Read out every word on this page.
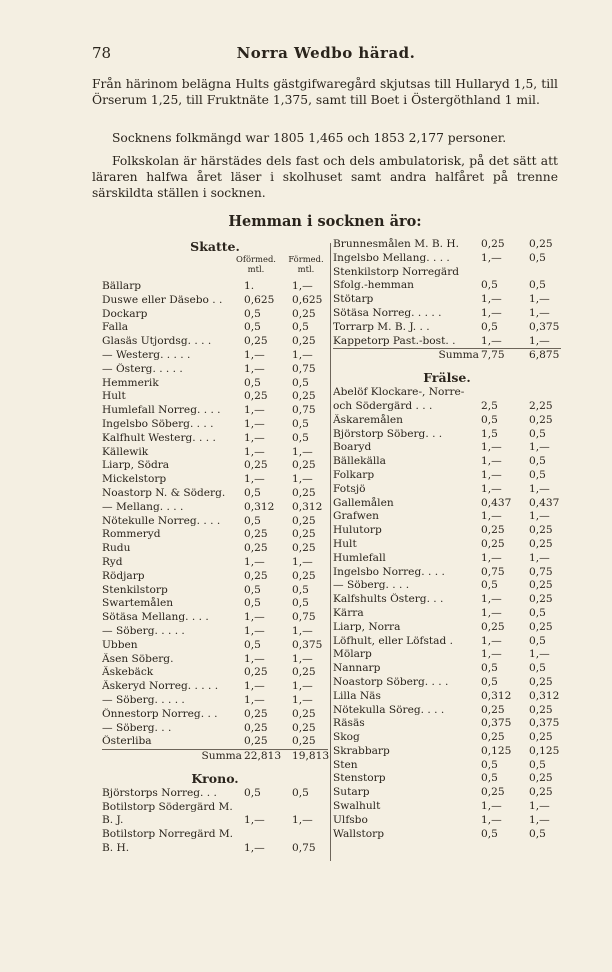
78	Norra Wedbo härad.
Från härinom belägna Hults gästgifwaregård skjutsas till Hullaryd 1,5, till Örserum 1,25, till Fruktnäte 1,375, samt till Boet i Östergöthland 1 mil.
Socknens folkmängd war 1805 1,465 och 1853 2,177 personer.
Folkskolan är härstädes dels fast och dels ambulatorisk, på det sätt att läraren halfwa året läser i skolhuset samt andra halfåret på trenne särskildta ställen i socknen.
Hemman i socknen äro:
Skatte.
Oförmed. mtl.
Förmed. mtl.
Bällarp	1.	1,—
Duswe eller Däsebo . .	0,625 0,625
Dockarp	0,5	0,25
Falla	0,5	0,5
Glasäs Utjordsg. . . .	0,25 0,25
— Westerg. . . . .	1,—	1,—
— Österg. . . . .	1,—	0,75
Hemmerik	0,5	0,5
Hult	0,25 0,25
Humlefall Norreg. . . .	1,—	0,75
Ingelsbo Söberg. . . .	1,—	0,5
Kalfhult Westerg. . . .	1,—	0,5
Källewik	1,—	1,—
Liarp, Södra	0,25 0,25
Mickelstorp	1,—	1,—
Noastorp N. & Söderg.	0,5	0,25
— Mellang. . . .	0,312 0,312
Nötekulle Norreg. . . .	0,5	0,25
Rommeryd	0,25 0,25
Rudu	0,25 0,25
Ryd	1,—	1,—
Rödjarp	0,25 0,25
Stenkilstorp	0,5	0,5
Swartemålen	0,5	0,5
Sötäsa Mellang. . . .	1,—	0,75
— Söberg. . . . .	1,—	1,—
Ubben	0,5	0,375
Äsen Söberg.	1,—	1,—
Äskebäck	0,25 0,25
Äskeryd Norreg. . . . .	1,—	1,—
— Söberg. . . . .	1,—	1,—
Önnestorp Norreg. . .	0,25 0,25
— Söberg. . .	0,25 0,25
Österliba	0,25 0,25
Summa 22,813 19,813
Krono.
Björstorps Norreg. . .	0,5	0,5
Botilstorp Södergärd M. B. J.	1,—	1,—
Botilstorp Norregärd M. B. H.	1,—	0,75
Brunnesmålen M. B. H.	0,25 0,25
Ingelsbo Mellang. . . .	1,—	0,5
Stenkilstorp Norregärd Sfolg.-hemman	0,5	0,5
Stötarp	1,—	1,—
Sötäsa Norreg. . . . .	1,—	1,—
Torrarp M. B. J. . .	0,5	0,375
Kappetorp Past.-bost. .	1,—	1,—
Summa 7,75 6,875
Frälse.
Abelöf Klockare-, Norre- och Södergärd . . .	2,5	2,25
Äskaremålen	0,5	0,25
Björstorp Söberg. . .	1,5	0,5
Boaryd	1,—	1,—
Bällekälla	1,—	0,5
Folkarp	1,—	0,5
Fotsjö	1,—	1,—
Gallemålen	0,437 0,437
Grafwen	1,—	1,—
Hulutorp	0,25 0,25
Hult	0,25 0,25
Humlefall	1,—	1,—
Ingelsbo Norreg. . . .	0,75 0,75
— Söberg. . . .	0,5	0,25
Kalfshults Österg. . .	1,—	0,25
Kärra	1,—	0,5
Liarp, Norra	0,25 0,25
Löfhult, eller Löfstad .	1,—	0,5
Mölarp	1,—	1,—
Nannarp	0,5	0,5
Noastorp Söberg. . . .	0,5	0,25
Lilla Näs	0,312 0,312
Nötekulla Söreg. . . .	0,25 0,25
Räsäs	0,375 0,375
Skog	0,25 0,25
Skrabbarp	0,125 0,125
Sten	0,5	0,5
Stenstorp	0,5	0,25
Sutarp	0,25 0,25
Swalhult	1,—	1,—
Ulfsbo	1,—	1,—
Wallstorp	0,5	0,5
